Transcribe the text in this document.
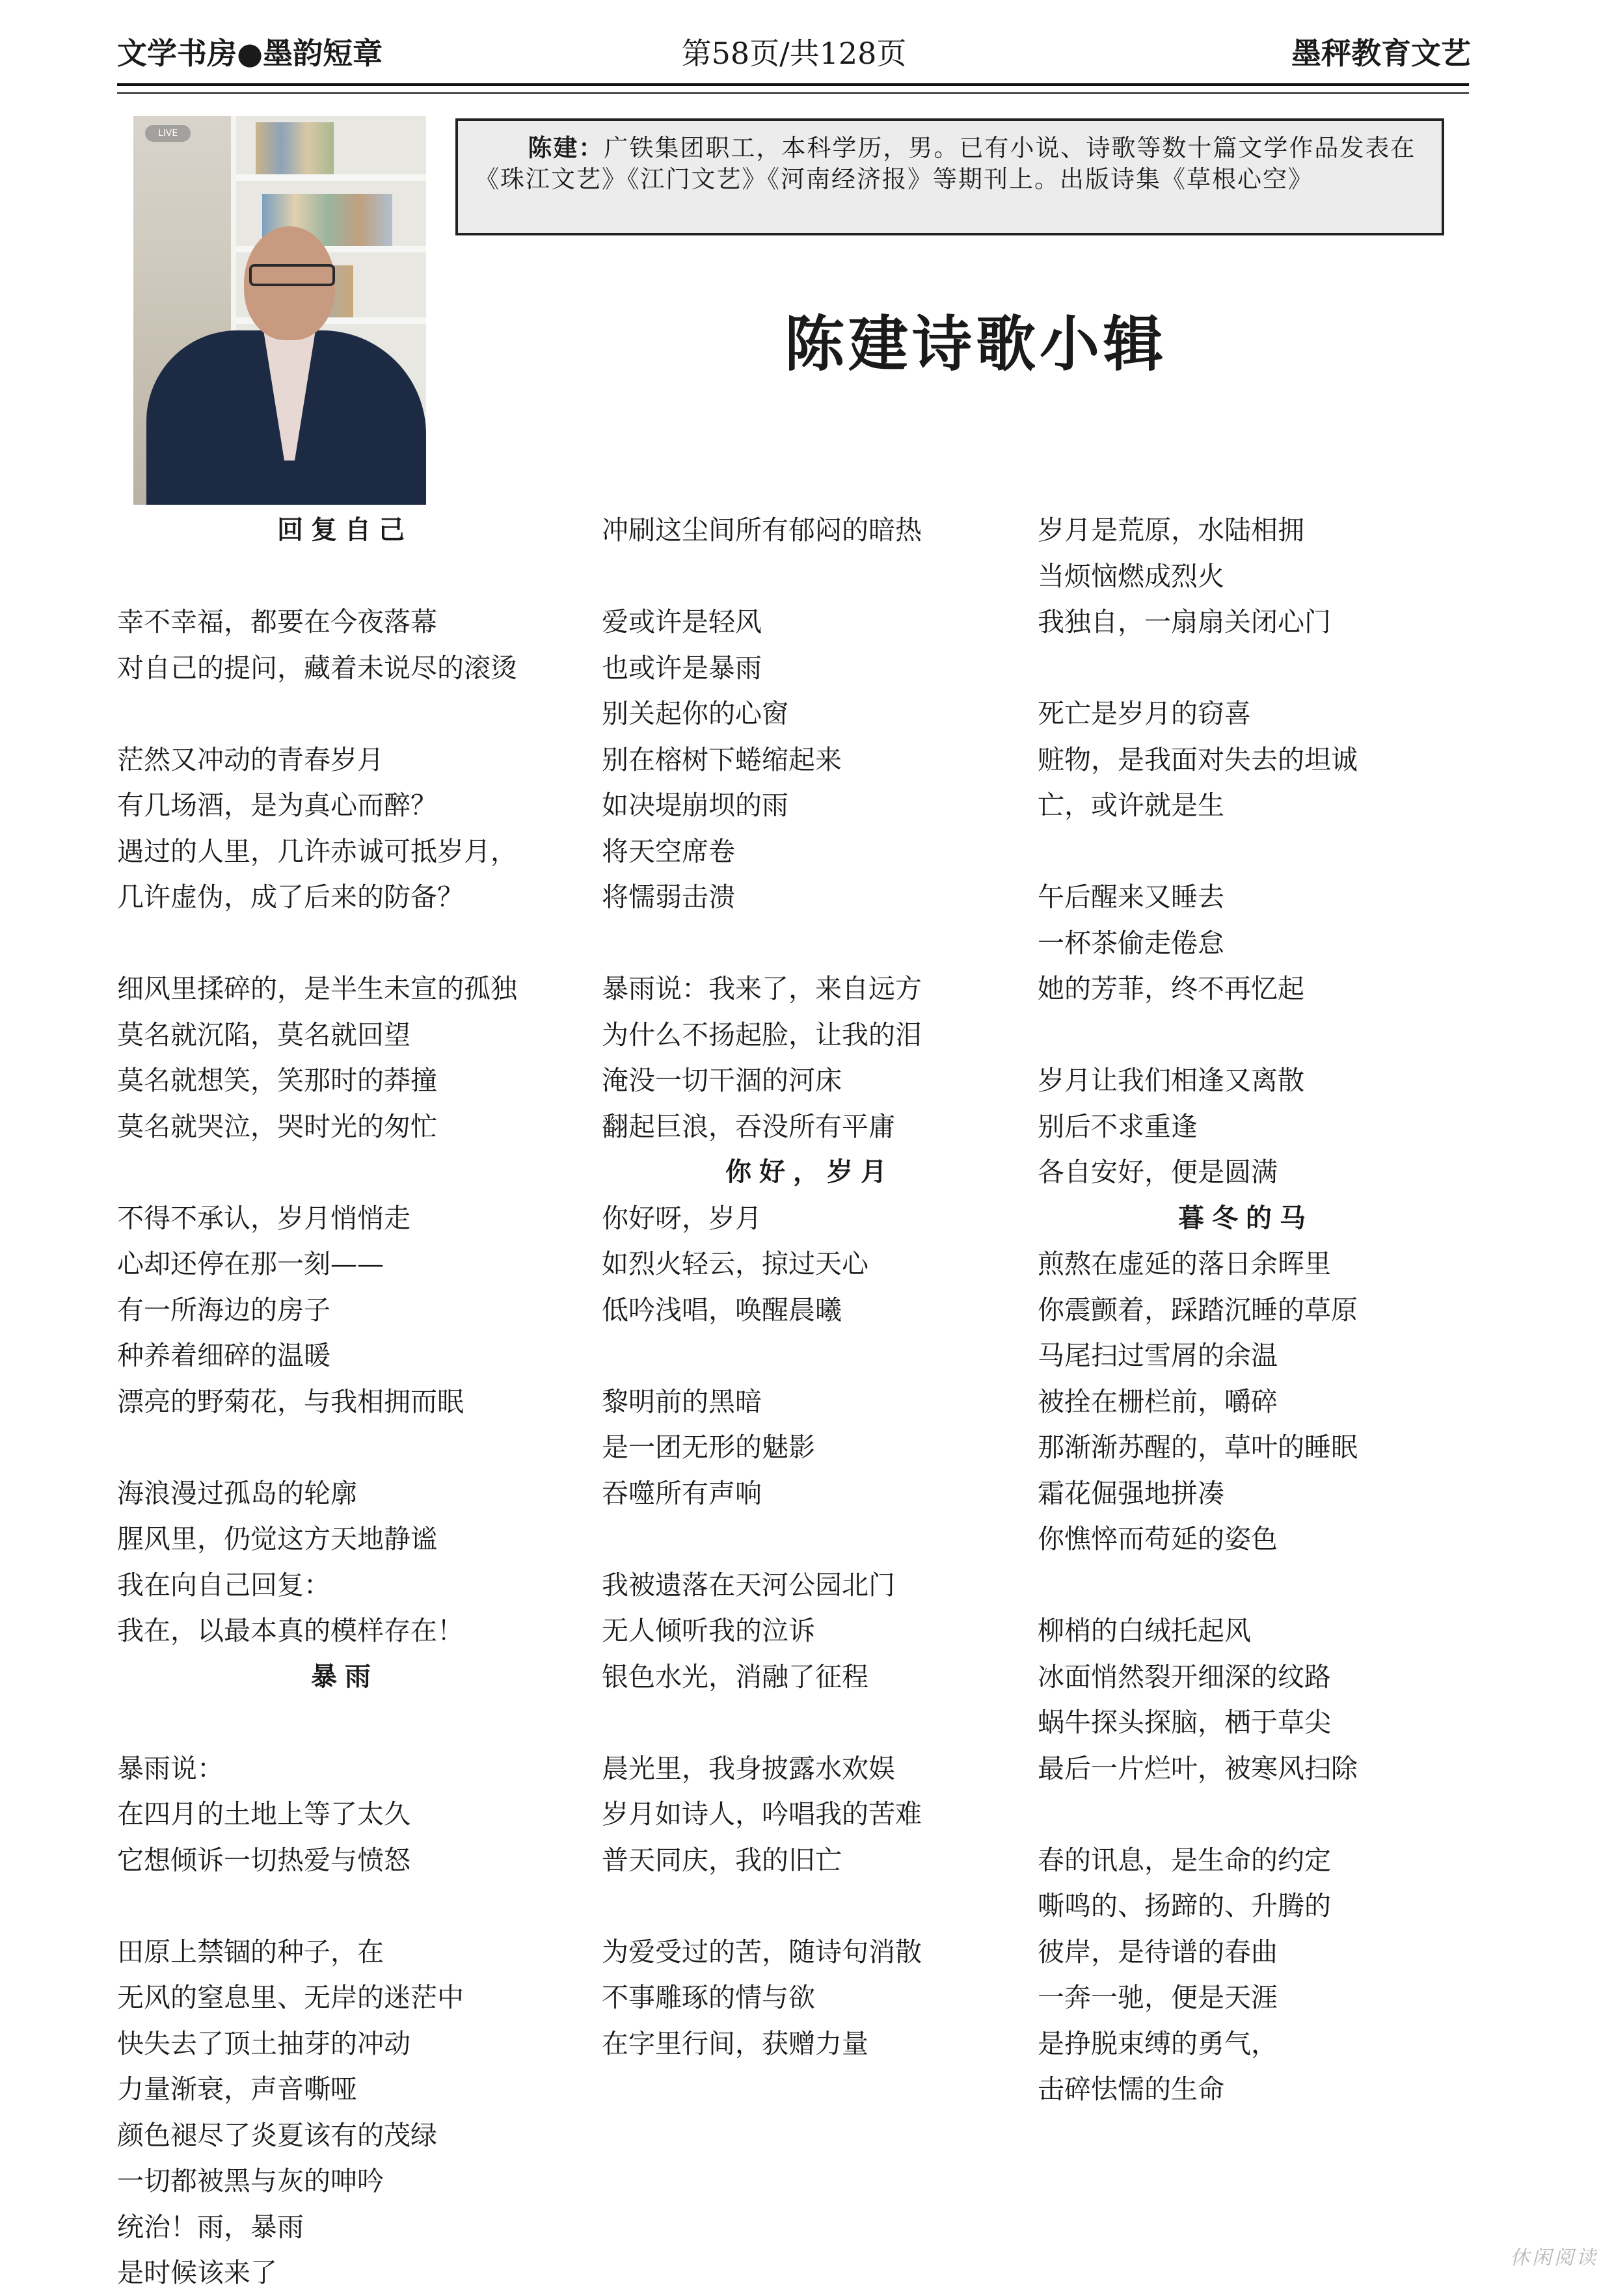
文学书房●墨韵短章	第58页/共128页	墨秤教育文艺
LIVE
陈建：广铁集团职工，本科学历，男。已有小说、诗歌等数十篇文学作品发表在《珠江文艺》《江门文艺》《河南经济报》等期刊上。出版诗集《草根心空》
陈建诗歌小辑

回复自己

幸不幸福，都要在今夜落幕

对自己的提问，藏着未说尽的滚烫

茫然又冲动的青春岁月

有几场酒，是为真心而醉？

遇过的人里，几许赤诚可抵岁月，

几许虚伪，成了后来的防备？

细风里揉碎的，是半生未宣的孤独

莫名就沉陷，莫名就回望

莫名就想笑，笑那时的莽撞

莫名就哭泣，哭时光的匆忙

不得不承认，岁月悄悄走

心却还停在那一刻——

有一所海边的房子

种养着细碎的温暖

漂亮的野菊花，与我相拥而眠

海浪漫过孤岛的轮廓

腥风里，仍觉这方天地静谧

我在向自己回复：

我在，以最本真的模样存在！

暴雨

暴雨说：

在四月的土地上等了太久

它想倾诉一切热爱与愤怒

田原上禁锢的种子，在

无风的窒息里、无岸的迷茫中

快失去了顶土抽芽的冲动

力量渐衰，声音嘶哑

颜色褪尽了炎夏该有的茂绿

一切都被黑与灰的呻吟

统治！雨，暴雨

是时候该来了

冲刷这尘间所有郁闷的暗热

爱或许是轻风

也或许是暴雨

别关起你的心窗

别在榕树下蜷缩起来

如决堤崩坝的雨

将天空席卷

将懦弱击溃

暴雨说：我来了，来自远方

为什么不扬起脸，让我的泪

淹没一切干涸的河床

翻起巨浪，吞没所有平庸

你好，岁月

你好呀，岁月

如烈火轻云，掠过天心

低吟浅唱，唤醒晨曦

黎明前的黑暗

是一团无形的魅影

吞噬所有声响

我被遗落在天河公园北门

无人倾听我的泣诉

银色水光，消融了征程

晨光里，我身披露水欢娱

岁月如诗人，吟唱我的苦难

普天同庆，我的旧亡

为爱受过的苦，随诗句消散

不事雕琢的情与欲

在字里行间，获赠力量

岁月是荒原，水陆相拥

当烦恼燃成烈火

我独自，一扇扇关闭心门

死亡是岁月的窃喜

赃物，是我面对失去的坦诚

亡，或许就是生

午后醒来又睡去

一杯茶偷走倦怠

她的芳菲，终不再忆起

岁月让我们相逢又离散

别后不求重逢

各自安好，便是圆满

暮冬的马

煎熬在虚延的落日余晖里

你震颤着，踩踏沉睡的草原

马尾扫过雪屑的余温

被拴在栅栏前，嚼碎

那渐渐苏醒的，草叶的睡眠

霜花倔强地拼凑

你憔悴而苟延的姿色

柳梢的白绒托起风

冰面悄然裂开细深的纹路

蜗牛探头探脑，栖于草尖

最后一片烂叶，被寒风扫除

春的讯息，是生命的约定

嘶鸣的、扬蹄的、升腾的

彼岸，是待谱的春曲

一奔一驰，便是天涯

是挣脱束缚的勇气，

击碎怯懦的生命

休闲阅读
